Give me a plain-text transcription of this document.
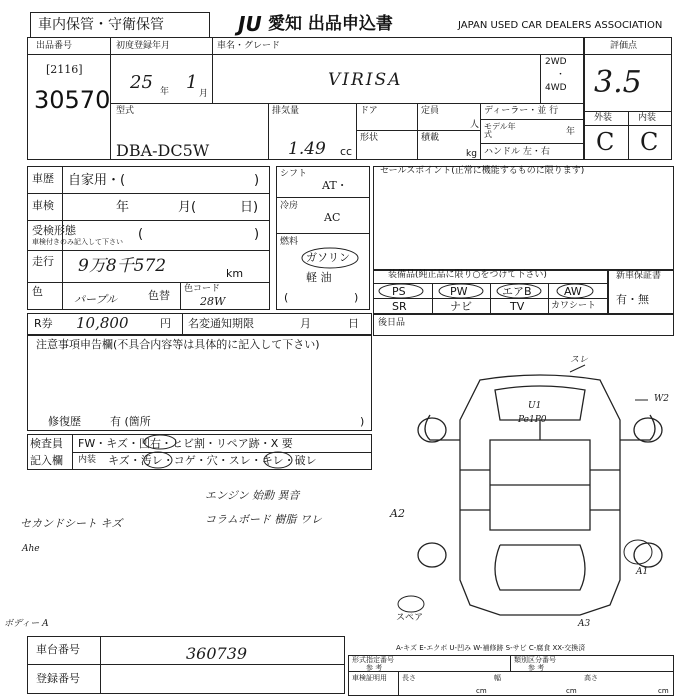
車内保管・守衛保管	JU 愛知 出品申込書	JAPAN USED CAR DEALERS ASSOCIATION
出品番号
[2116]
30570
初度登録年月
25 年 1
月
車名・グレード
VIRISA
2WD
・
4WD
評価点
3.5
外装	内装
C C
型式
DBA-DC5W
排気量
1.49 cc
ドア
形状
定員
人
積載
kg
ディーラー・並 行
モデル年式	年
ハンドル 左・右
車歴 自家用・(	)
車検	年	月(	日)
受検形態
車検付きのみ記入して下さい (	)
走行 9万8千572	km
色
パープル	色替 色コード
28W
シフト
AT・
冷房
AC
燃料
ガソリン
軽 油
(	)
セールスポイント(正常に機能するものに限ります)
装備品(純正品に限り○をつけて下さい)
PS	PW	エアB	AW
SR	ナビ	TV	カワシート
新車保証書
有・無
R券 10,800	円 名変通知期限	月	日 後日品
注意事項申告欄(不具合内容等は具体的に記入して下さい)
修復歴	有 (箇所	)
検査員
記入欄
FW・キズ・凹右・ヒビ割・リペア跡・X 要
内装 キズ・汚レ・コゲ・穴・スレ・キレ・破レ
エンジン 始動 異音
コラムボード 樹脂 ワレ
セカンドシート キズ
Ahe
ボディー A
スレ
W2
U1
Pe1P0
A2
A1
A3
スペア
A-キズ E-エクボ U-凹み W-補修跡 S-サビ C-腐食 XX-交換済
車台番号	360739
登録番号
形式指定番号
参 考
類別区分番号
参 考
車検証明用 長さ
cm
幅
cm
高さ
cm
